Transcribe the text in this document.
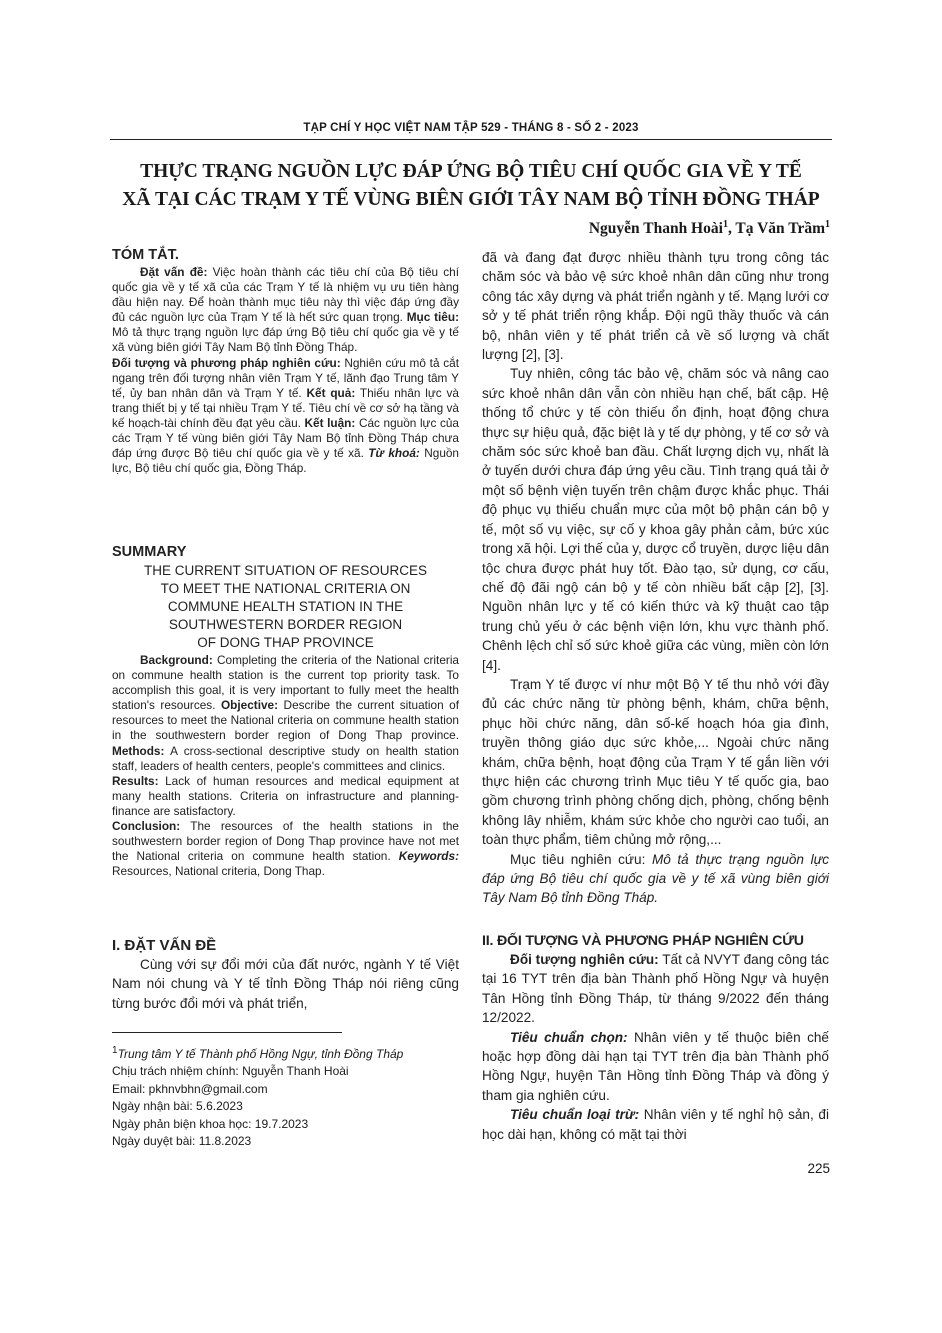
TẠP CHÍ Y HỌC VIỆT NAM TẬP 529 - THÁNG 8 - SỐ 2 - 2023
THỰC TRẠNG NGUỒN LỰC ĐÁP ỨNG BỘ TIÊU CHÍ QUỐC GIA VỀ Y TẾ
XÃ TẠI CÁC TRẠM Y TẾ VÙNG BIÊN GIỚI TÂY NAM BỘ TỈNH ĐỒNG THÁP
Nguyễn Thanh Hoài$^1$, Tạ Văn Trầm$^1$
TÓM TẮT.

Đặt vấn đề: Việc hoàn thành các tiêu chí của Bộ tiêu chí quốc gia về y tế xã của các Trạm Y tế là nhiệm vụ ưu tiên hàng đầu hiện nay. Để hoàn thành mục tiêu này thì việc đáp ứng đầy đủ các nguồn lực của Trạm Y tế là hết sức quan trọng. Mục tiêu: Mô tả thực trạng nguồn lực đáp ứng Bộ tiêu chí quốc gia về y tế xã vùng biên giới Tây Nam Bộ tỉnh Đồng Tháp.

Đối tượng và phương pháp nghiên cứu: Nghiên cứu mô tả cắt ngang trên đối tượng nhân viên Trạm Y tế, lãnh đạo Trung tâm Y tế, ủy ban nhân dân và Trạm Y tế. Kết quả: Thiếu nhân lực và trang thiết bị y tế tại nhiều Trạm Y tế. Tiêu chí về cơ sở hạ tầng và kế hoạch-tài chính đều đạt yêu cầu. Kết luận: Các nguồn lực của các Trạm Y tế vùng biên giới Tây Nam Bộ tỉnh Đồng Tháp chưa đáp ứng được Bộ tiêu chí quốc gia về y tế xã. Từ khoá: Nguồn lực, Bộ tiêu chí quốc gia, Đồng Tháp.

SUMMARY
THE CURRENT SITUATION OF RESOURCES
TO MEET THE NATIONAL CRITERIA ON
COMMUNE HEALTH STATION IN THE
SOUTHWESTERN BORDER REGION
OF DONG THAP PROVINCE

Background: Completing the criteria of the National criteria on commune health station is the current top priority task. To accomplish this goal, it is very important to fully meet the health station's resources. Objective: Describe the current situation of resources to meet the National criteria on commune health station in the southwestern border region of Dong Thap province. Methods: A cross-sectional descriptive study on health station staff, leaders of health centers, people's committees and clinics.

Results: Lack of human resources and medical equipment at many health stations. Criteria on infrastructure and planning-finance are satisfactory.

Conclusion: The resources of the health stations in the southwestern border region of Dong Thap province have not met the National criteria on commune health station. Keywords: Resources, National criteria, Dong Thap.

I. ĐẶT VẤN ĐỀ

Cùng với sự đổi mới của đất nước, ngành Y tế Việt Nam nói chung và Y tế tỉnh Đồng Tháp nói riêng cũng từng bước đổi mới và phát triển,

$^1$Trung tâm Y tế Thành phố Hồng Ngự, tỉnh Đồng Tháp
Chịu trách nhiệm chính: Nguyễn Thanh Hoài
Email: pkhnvbhn@gmail.com
Ngày nhận bài: 5.6.2023
Ngày phản biện khoa học: 19.7.2023
Ngày duyệt bài: 11.8.2023

đã và đang đạt được nhiều thành tựu trong công tác chăm sóc và bảo vệ sức khoẻ nhân dân cũng như trong công tác xây dựng và phát triển ngành y tế. Mạng lưới cơ sở y tế phát triển rộng khắp. Đội ngũ thầy thuốc và cán bộ, nhân viên y tế phát triển cả về số lượng và chất lượng [2], [3].

Tuy nhiên, công tác bảo vệ, chăm sóc và nâng cao sức khoẻ nhân dân vẫn còn nhiều hạn chế, bất cập. Hệ thống tổ chức y tế còn thiếu ổn định, hoạt động chưa thực sự hiệu quả, đặc biệt là y tế dự phòng, y tế cơ sở và chăm sóc sức khoẻ ban đầu. Chất lượng dịch vụ, nhất là ở tuyến dưới chưa đáp ứng yêu cầu. Tình trạng quá tải ở một số bệnh viện tuyến trên chậm được khắc phục. Thái độ phục vụ thiếu chuẩn mực của một bộ phận cán bộ y tế, một số vụ việc, sự cố y khoa gây phản cảm, bức xúc trong xã hội. Lợi thế của y, dược cổ truyền, dược liệu dân tộc chưa được phát huy tốt. Đào tạo, sử dụng, cơ cấu, chế độ đãi ngộ cán bộ y tế còn nhiều bất cập [2], [3]. Nguồn nhân lực y tế có kiến thức và kỹ thuật cao tập trung chủ yếu ở các bệnh viện lớn, khu vực thành phố. Chênh lệch chỉ số sức khoẻ giữa các vùng, miền còn lớn [4].

Trạm Y tế được ví như một Bộ Y tế thu nhỏ với đầy đủ các chức năng từ phòng bệnh, khám, chữa bệnh, phục hồi chức năng, dân số-kế hoạch hóa gia đình, truyền thông giáo dục sức khỏe,... Ngoài chức năng khám, chữa bệnh, hoạt động của Trạm Y tế gắn liền với thực hiện các chương trình Mục tiêu Y tế quốc gia, bao gồm chương trình phòng chống dịch, phòng, chống bệnh không lây nhiễm, khám sức khỏe cho người cao tuổi, an toàn thực phẩm, tiêm chủng mở rộng,...

Mục tiêu nghiên cứu: Mô tả thực trạng nguồn lực đáp ứng Bộ tiêu chí quốc gia về y tế xã vùng biên giới Tây Nam Bộ tỉnh Đồng Tháp.

II. ĐỐI TƯỢNG VÀ PHƯƠNG PHÁP NGHIÊN CỨU

Đối tượng nghiên cứu: Tất cả NVYT đang công tác tại 16 TYT trên địa bàn Thành phố Hồng Ngự và huyện Tân Hồng tỉnh Đồng Tháp, từ tháng 9/2022 đến tháng 12/2022.

Tiêu chuẩn chọn: Nhân viên y tế thuộc biên chế hoặc hợp đồng dài hạn tại TYT trên địa bàn Thành phố Hồng Ngự, huyện Tân Hồng tỉnh Đồng Tháp và đồng ý tham gia nghiên cứu.

Tiêu chuẩn loại trừ: Nhân viên y tế nghỉ hộ sản, đi học dài hạn, không có mặt tại thời

225
